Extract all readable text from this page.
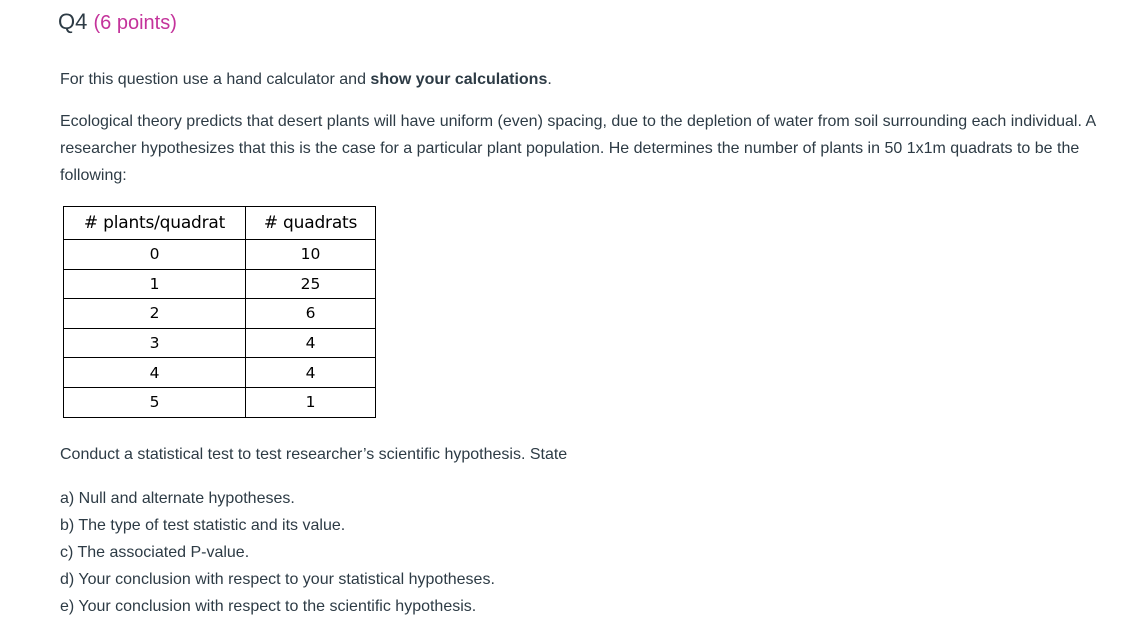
Q4 (6 points)
For this question use a hand calculator and show your calculations.
Ecological theory predicts that desert plants will have uniform (even) spacing, due to the depletion of water from soil surrounding each individual. A researcher hypothesizes that this is the case for a particular plant population. He determines the number of plants in 50 1x1m quadrats to be the following:
# plants/quadrat	# quadrats
0	10
1	25
2	6
3	4
4	4
5	1
Conduct a statistical test to test researcher’s scientific hypothesis. State
a) Null and alternate hypotheses.
b) The type of test statistic and its value.
c) The associated P-value.
d) Your conclusion with respect to your statistical hypotheses.
e) Your conclusion with respect to the scientific hypothesis.
